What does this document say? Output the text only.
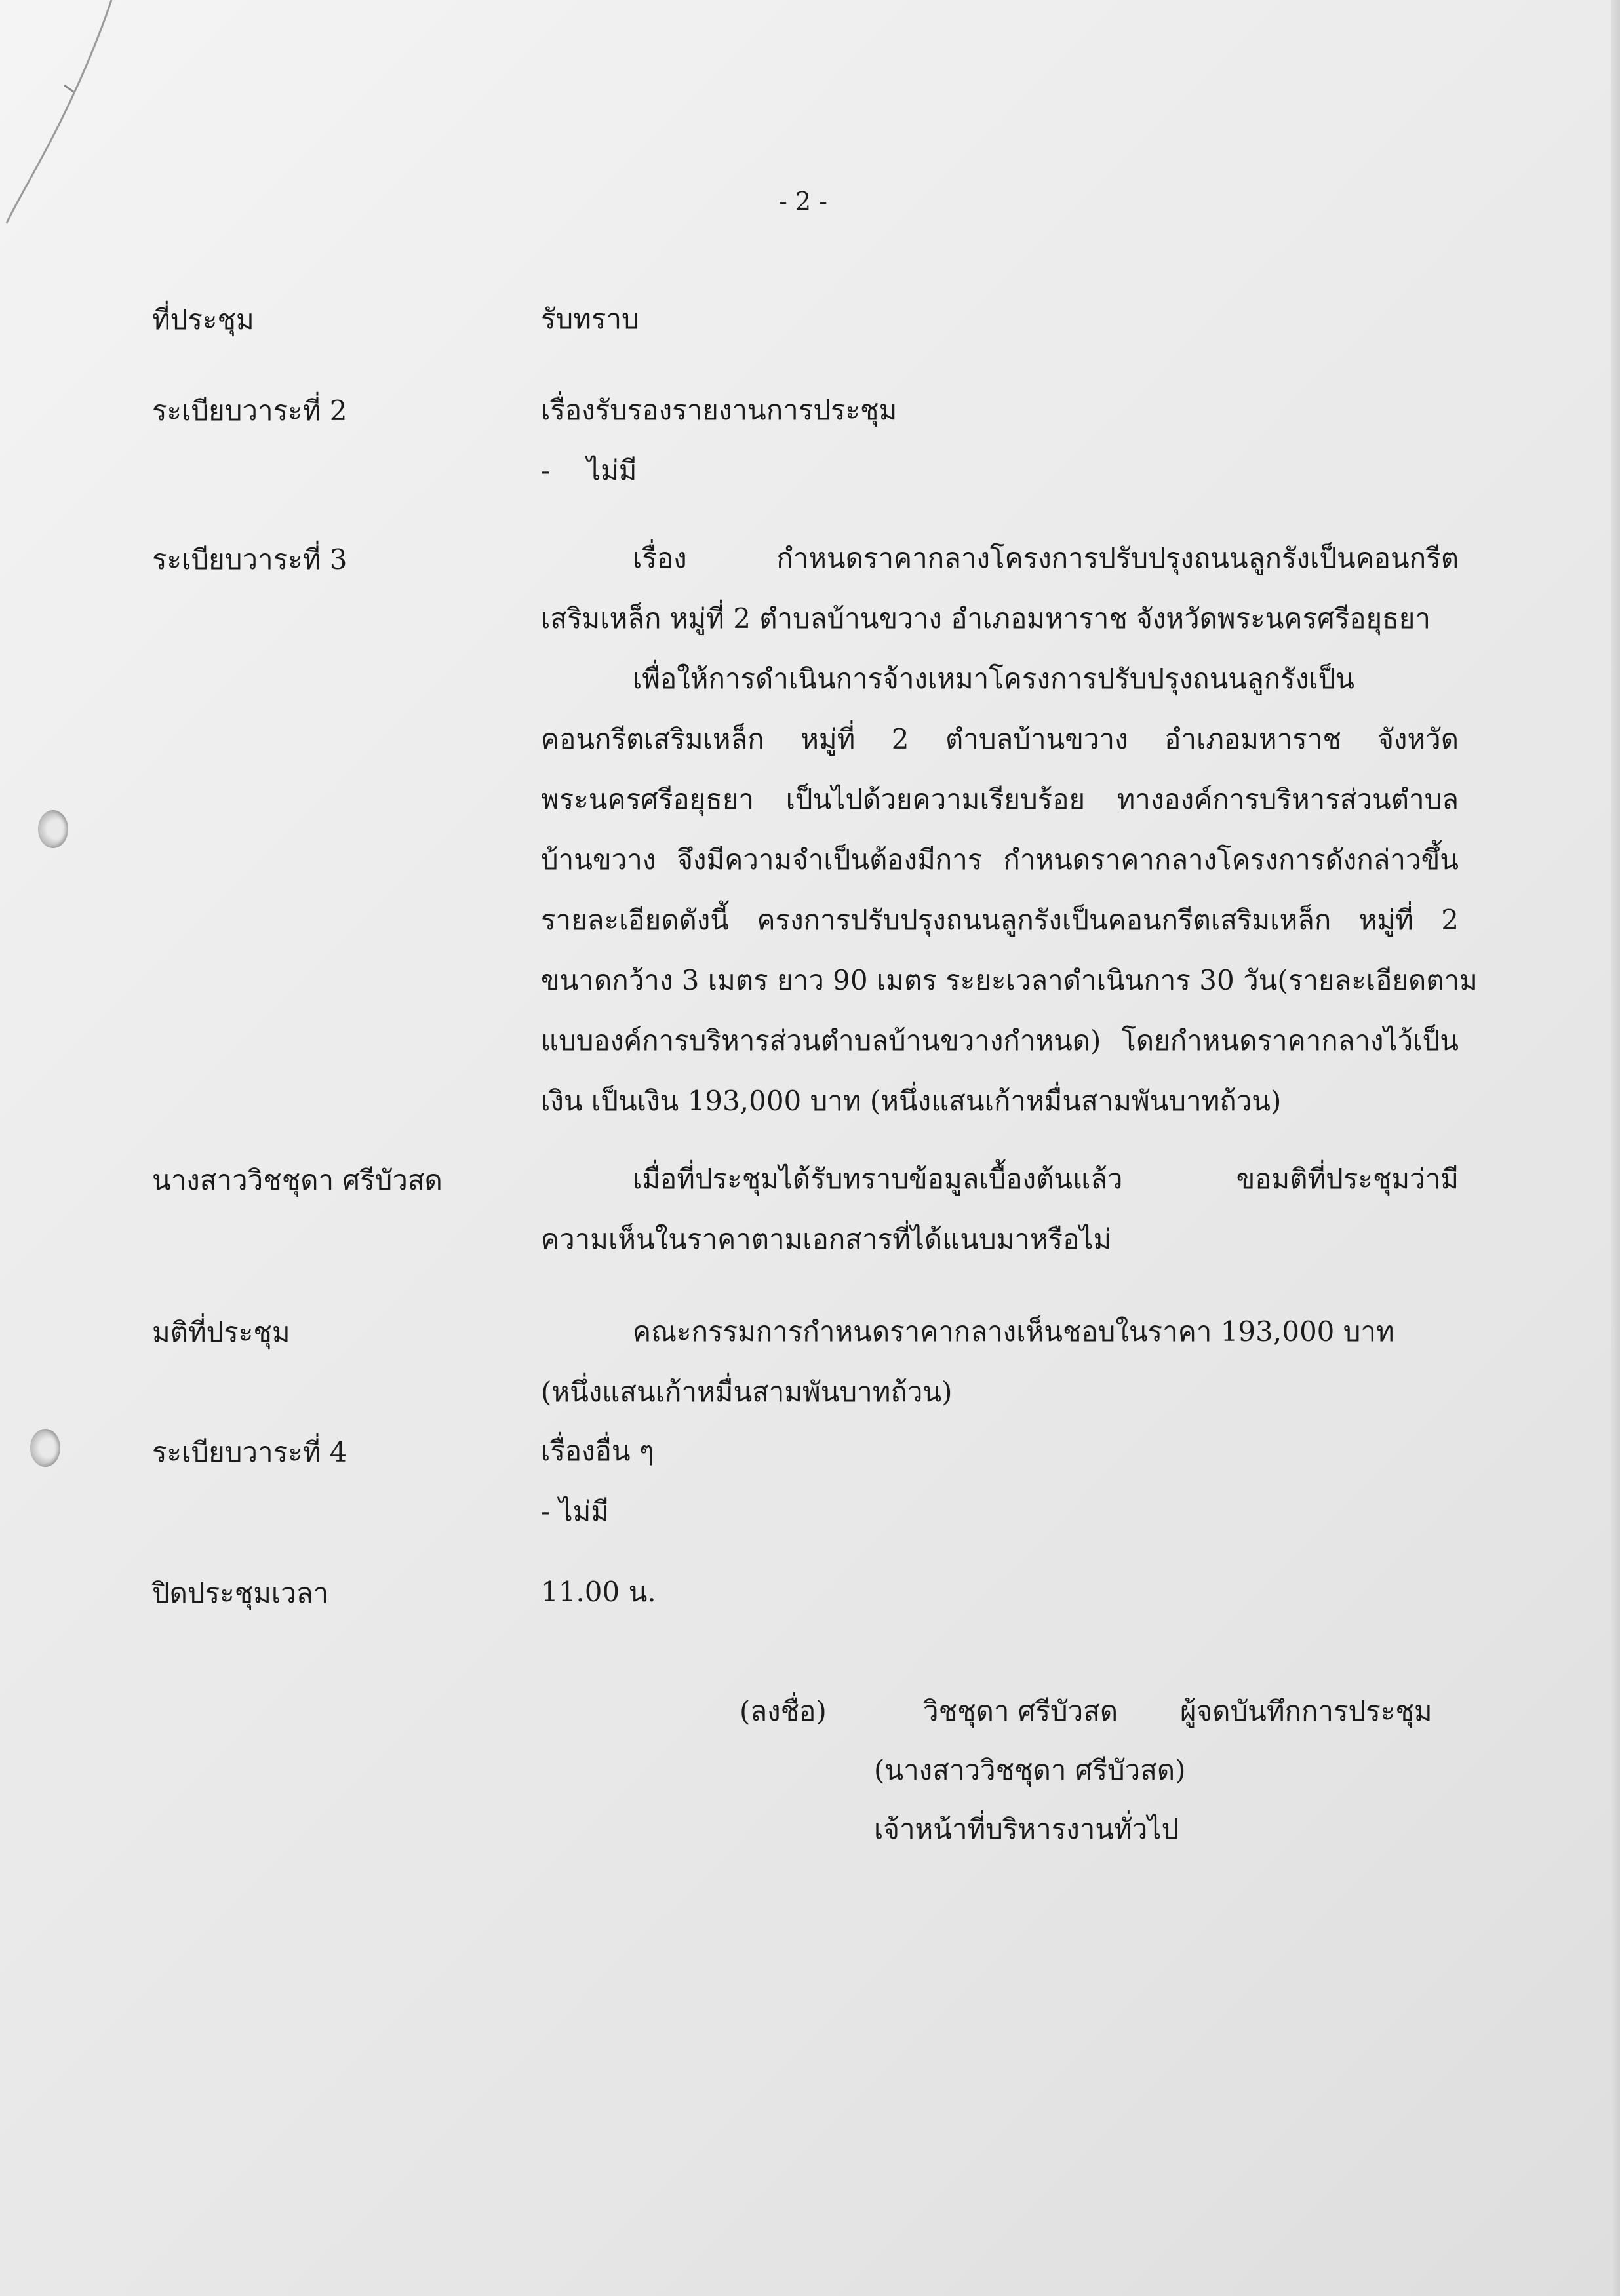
- 2 -
ที่ประชุม	รับทราบ

ระเบียบวาระที่ 2	เรื่องรับรองรายงานการประชุม

- ไม่มี

ระเบียบวาระที่ 3	เรื่อง กำหนดราคากลางโครงการปรับปรุงถนนลูกรังเป็นคอนกรีต

เสริมเหล็ก หมู่ที่ 2 ตำบลบ้านขวาง อำเภอมหาราช จังหวัดพระนครศรีอยุธยา

เพื่อให้การดำเนินการจ้างเหมาโครงการปรับปรุงถนนลูกรังเป็น

คอนกรีตเสริมเหล็ก หมู่ที่ 2 ตำบลบ้านขวาง อำเภอมหาราช จังหวัด

พระนครศรีอยุธยา เป็นไปด้วยความเรียบร้อย ทางองค์การบริหารส่วนตำบล

บ้านขวาง จึงมีความจำเป็นต้องมีการ กำหนดราคากลางโครงการดังกล่าวขึ้น

รายละเอียดดังนี้ ครงการปรับปรุงถนนลูกรังเป็นคอนกรีตเสริมเหล็ก หมู่ที่ 2

ขนาดกว้าง 3 เมตร ยาว 90 เมตร ระยะเวลาดำเนินการ 30 วัน(รายละเอียดตาม

แบบองค์การบริหารส่วนตำบลบ้านขวางกำหนด) โดยกำหนดราคากลางไว้เป็น

เงิน เป็นเงิน 193,000 บาท (หนึ่งแสนเก้าหมื่นสามพันบาทถ้วน)

นางสาววิชชุดา ศรีบัวสด	เมื่อที่ประชุมได้รับทราบข้อมูลเบื้องต้นแล้ว ขอมติที่ประชุมว่ามี

ความเห็นในราคาตามเอกสารที่ได้แนบมาหรือไม่

มติที่ประชุม	คณะกรรมการกำหนดราคากลางเห็นชอบในราคา 193,000 บาท

(หนึ่งแสนเก้าหมื่นสามพันบาทถ้วน)

ระเบียบวาระที่ 4	เรื่องอื่น ๆ

- ไม่มี

ปิดประชุมเวลา	11.00 น.

(ลงชื่อ)	วิชชุดา ศรีบัวสด ผู้จดบันทึกการประชุม
(นางสาววิชชุดา ศรีบัวสด)
เจ้าหน้าที่บริหารงานทั่วไป
